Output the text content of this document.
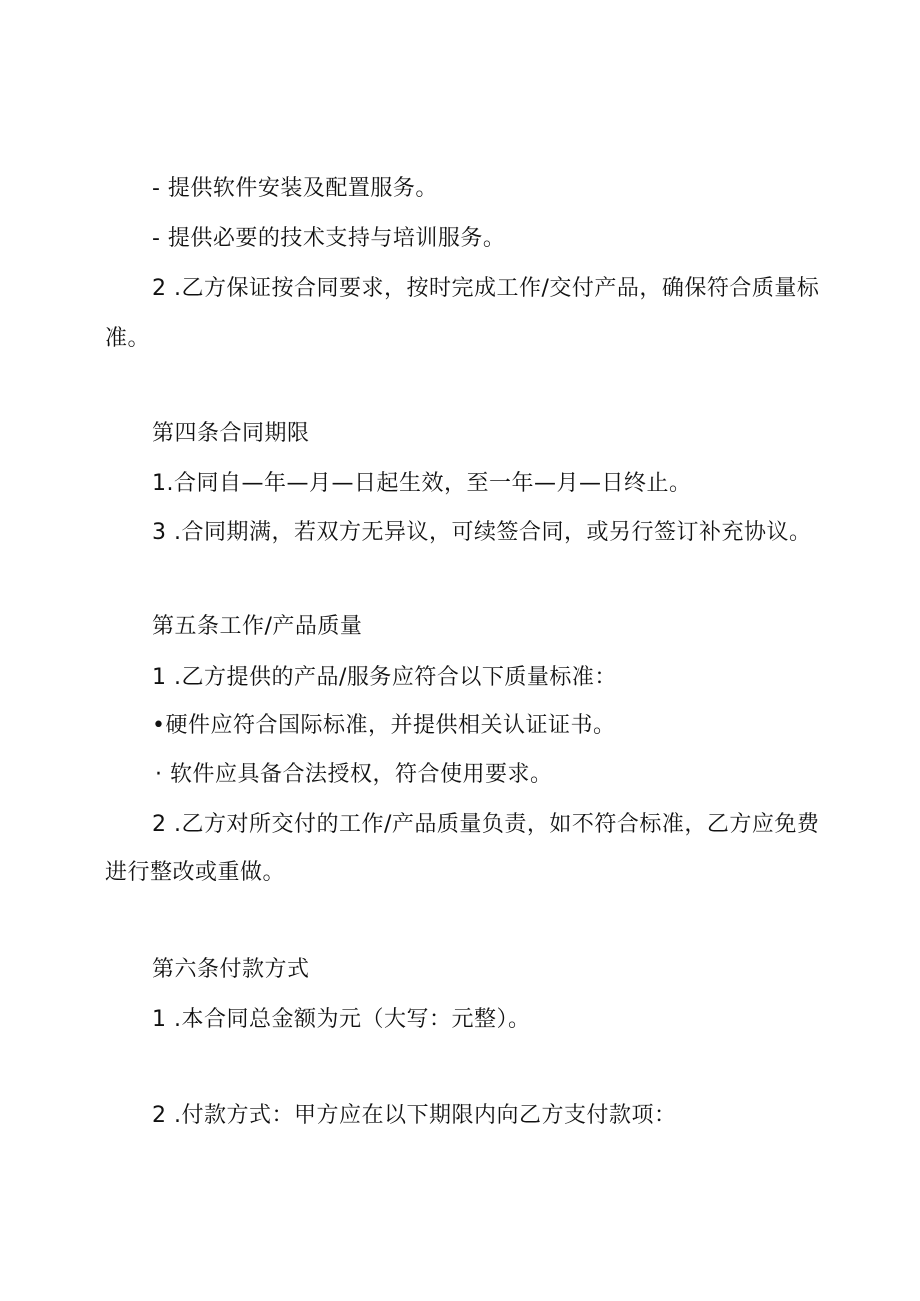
- 提供软件安装及配置服务。
- 提供必要的技术支持与培训服务。
2 .乙方保证按合同要求，按时完成工作/交付产品，确保符合质量标
准。
第四条合同期限
1.合同自—年—月—日起生效，至一年—月—日终止。
3 .合同期满，若双方无异议，可续签合同，或另行签订补充协议。
第五条工作/产品质量
1 .乙方提供的产品/服务应符合以下质量标准：
•硬件应符合国际标准，并提供相关认证证书。
· 软件应具备合法授权，符合使用要求。
2 .乙方对所交付的工作/产品质量负责，如不符合标准，乙方应免费
进行整改或重做。
第六条付款方式
1 .本合同总金额为元（大写：元整）。
2 .付款方式：甲方应在以下期限内向乙方支付款项：
